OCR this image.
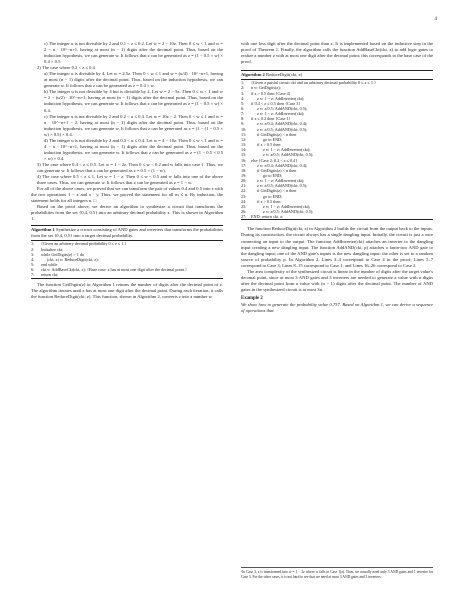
4
c) The integer u is not divisible by 2 and 0.1 < z ≤ 0.2. Let w = 2 − 10z. Then 0 ≤ w < 1 and w = 2 − u · 10^−n+1, having at most (n − 1) digits after the decimal point. Thus, based on the induction hypothesis, we can generate w. It follows that z can be generated as z = (1 − 0.5 × w) × 0.4 × 0.5.
2) The case where 0.2 < z ≤ 0.4.
a) The integer u is divisible by 4. Let w = 2.5z. Then 0 < w ≤ 1 and w = (u/4) · 10^−n+1, having at most (n − 1) digits after the decimal point. Thus, based on the induction hypothesis, we can generate w. It follows that z can be generated as z = 0.4 × w.
b) The integer u is not divisible by 4 but is divisible by 2. Let w = 2 − 5z. Then 0 ≤ w < 1 and w = 2 − (u/2) · 10^−n+1, having at most (n − 1) digits after the decimal point. Thus, based on the induction hypothesis, we can generate w. It follows that z can be generated as z = (1 − 0.5 × w) × 0.4.
c) The integer u is not divisible by 2 and 0.2 < u ≤ 0.3. Let w = 10z − 2. Then 0 < w ≤ 1 and w = u · 10^−n+1 − 2, having at most (n − 1) digits after the decimal point. Thus, based on the induction hypothesis, we can generate w. It follows that z can be generated as z = (1 − (1 − 0.5 × w) × 0.5) × 0.4.
d) The integer u is not divisible by 2 and 0.3 < u ≤ 0.4. Let w = 4 − 10z. Then 0 ≤ w < 1 and w = 4 − u · 10^−n+1, having at most (n − 1) digits after the decimal point. Thus, based on the induction hypothesis, we can generate w. It follows that z can be generated as z = (1 − 0.5 × 0.5 × w) × 0.4.
3) The case where 0.4 < z ≤ 0.5. Let w = 1 − 2z. Then 0 ≤ w < 0.2 and w falls into case 1. Thus, we can generate w. It follows that z can be generated as z = 0.5 × (1 − w).
4) The case where 0.5 < z ≤ 1. Let w = 1 − z. Then 0 ≤ w < 0.5 and w falls into one of the above three cases. Thus, we can generate w. It follows that z can be generated as z = 1 − w.
For all of the above cases, we proved that we can transform the pair of values 0.4 and 0.5 into z with the two operations 1 − x and x · y. Thus, we proved the statement for all m ≤ n. By induction, the statement holds for all integers n. □
Based on the proof above, we derive an algorithm to synthesize a circuit that transforms the probabilities from the set {0.4, 0.5} into an arbitrary decimal probability z. This is shown in Algorithm 1.
Algorithm 1 Synthesize a circuit consisting of AND gates and inverters that transforms the probabilities from the set {0.4, 0.5} into a target decimal probability.
1: {Given an arbitrary decimal probability 0 ≤ z ≤ 1.}
2: Initialize ckt;
3: while GetDigits(z) > 1 do
4:	(ckt, z) ⇐ ReduceDigit(ckt, z);
5: end while
6: ckt ⇐ AddBaseCkt(ckt, z); {Base case: z has at most one digit after the decimal point.}
7: return ckt;
The function GetDigits(z) in Algorithm 1 returns the number of digits after the decimal point of z. The algorithm iterates until z has at most one digit after the decimal point. During each iteration, it calls the function ReduceDigit(ckt, z). This function, shown in Algorithm 2, converts z into a number w
with one less digit after the decimal point than z. It is implemented based on the inductive step in the proof of Theorem 1. Finally, the algorithm calls the function AddBaseCkt(ckt, z) to add logic gates to realize a number z with at most one digit after the decimal point; this corresponds to the base case of the proof.
Algorithm 2 ReduceDigit(ckt, z)
1: {Given a partial circuit ckt and an arbitrary decimal probability 0 ≤ z ≤ 1.}
2: n ⇐ GetDigits(z);
3: if z > 0.5 then {Case 4}
4:	z ⇐ 1 − z; AddInverter(ckt);
5: if 0.4 < z ≤ 0.5 then {Case 3}
6:	z ⇐ z/0.5; AddAND(ckt, 0.5);
7:	z ⇐ 1 − z; AddInverter(ckt);
8: if z ≤ 0.2 then {Case 1}
9:	z ⇐ z/0.4; AddAND(ckt, 0.4);
10:	z ⇐ z/0.5; AddAND(ckt, 0.5);
11:	if GetDigits(z) < n then
12:	go to END;
13:	if z > 0.5 then
14:	z ⇐ 1 − z; AddInverter(ckt);
15:	z ⇐ z/0.5; AddAND(ckt, 0.5);
16: else {Case 2: 0.2 < z ≤ 0.4}
17:	z ⇐ z/0.4; AddAND(ckt, 0.4);
18:	if GetDigits(z) < n then
19:	go to END;
20:	z ⇐ 1 − z; AddInverter(ckt);
21:	z ⇐ z/0.5; AddAND(ckt, 0.5);
22:	if GetDigits(z) < n then
23:	go to END;
24:	if z > 0.5 then
25:	z ⇐ 1 − z; AddInverter(ckt);
26:	z ⇐ z/0.5; AddAND(ckt, 0.5);
27: END: return ckt, z;
The function ReduceDigit(ckt, z) in Algorithm 2 builds the circuit from the output back to the inputs. During its construction, the circuit always has a single dangling input. Initially, the circuit is just a wire connecting an input to the output. The function AddInverter(ckt) attaches an inverter to the dangling input creating a new dangling input. The function AddAND(ckt, p) attaches a fanin-two AND gate to the dangling input; one of the AND gate's inputs is the new dangling input; the other is set to a random source of probability p. In Algorithm 2, Lines 3–4 correspond to Case 4 in the proof; Lines 5–7 correspond to Case 3; Lines 8–15 correspond to Case 1; and Lines 16–26 correspond to Case 2.
The area complexity of the synthesized circuit is linear in the number of digits after the target value's decimal point, since at most 3 AND gates and 3 inverters are needed to generate a value with n digits after the decimal point from a value with (n − 1) digits after the decimal point. The number of AND gates in the synthesized circuit is at most 3n.
Example 2
We show how to generate the probability value 0.757. Based on Algorithm 1, we can derive a sequence of operations that
¹In Case 3, z is transformed into w = 1 − 2z where w falls in Case 1(a). Thus, we actually need only 3 AND gates and 1 inverter for Case 3. For the other cases, it is not hard to see that we need at most 3 AND gates and 3 inverters.
